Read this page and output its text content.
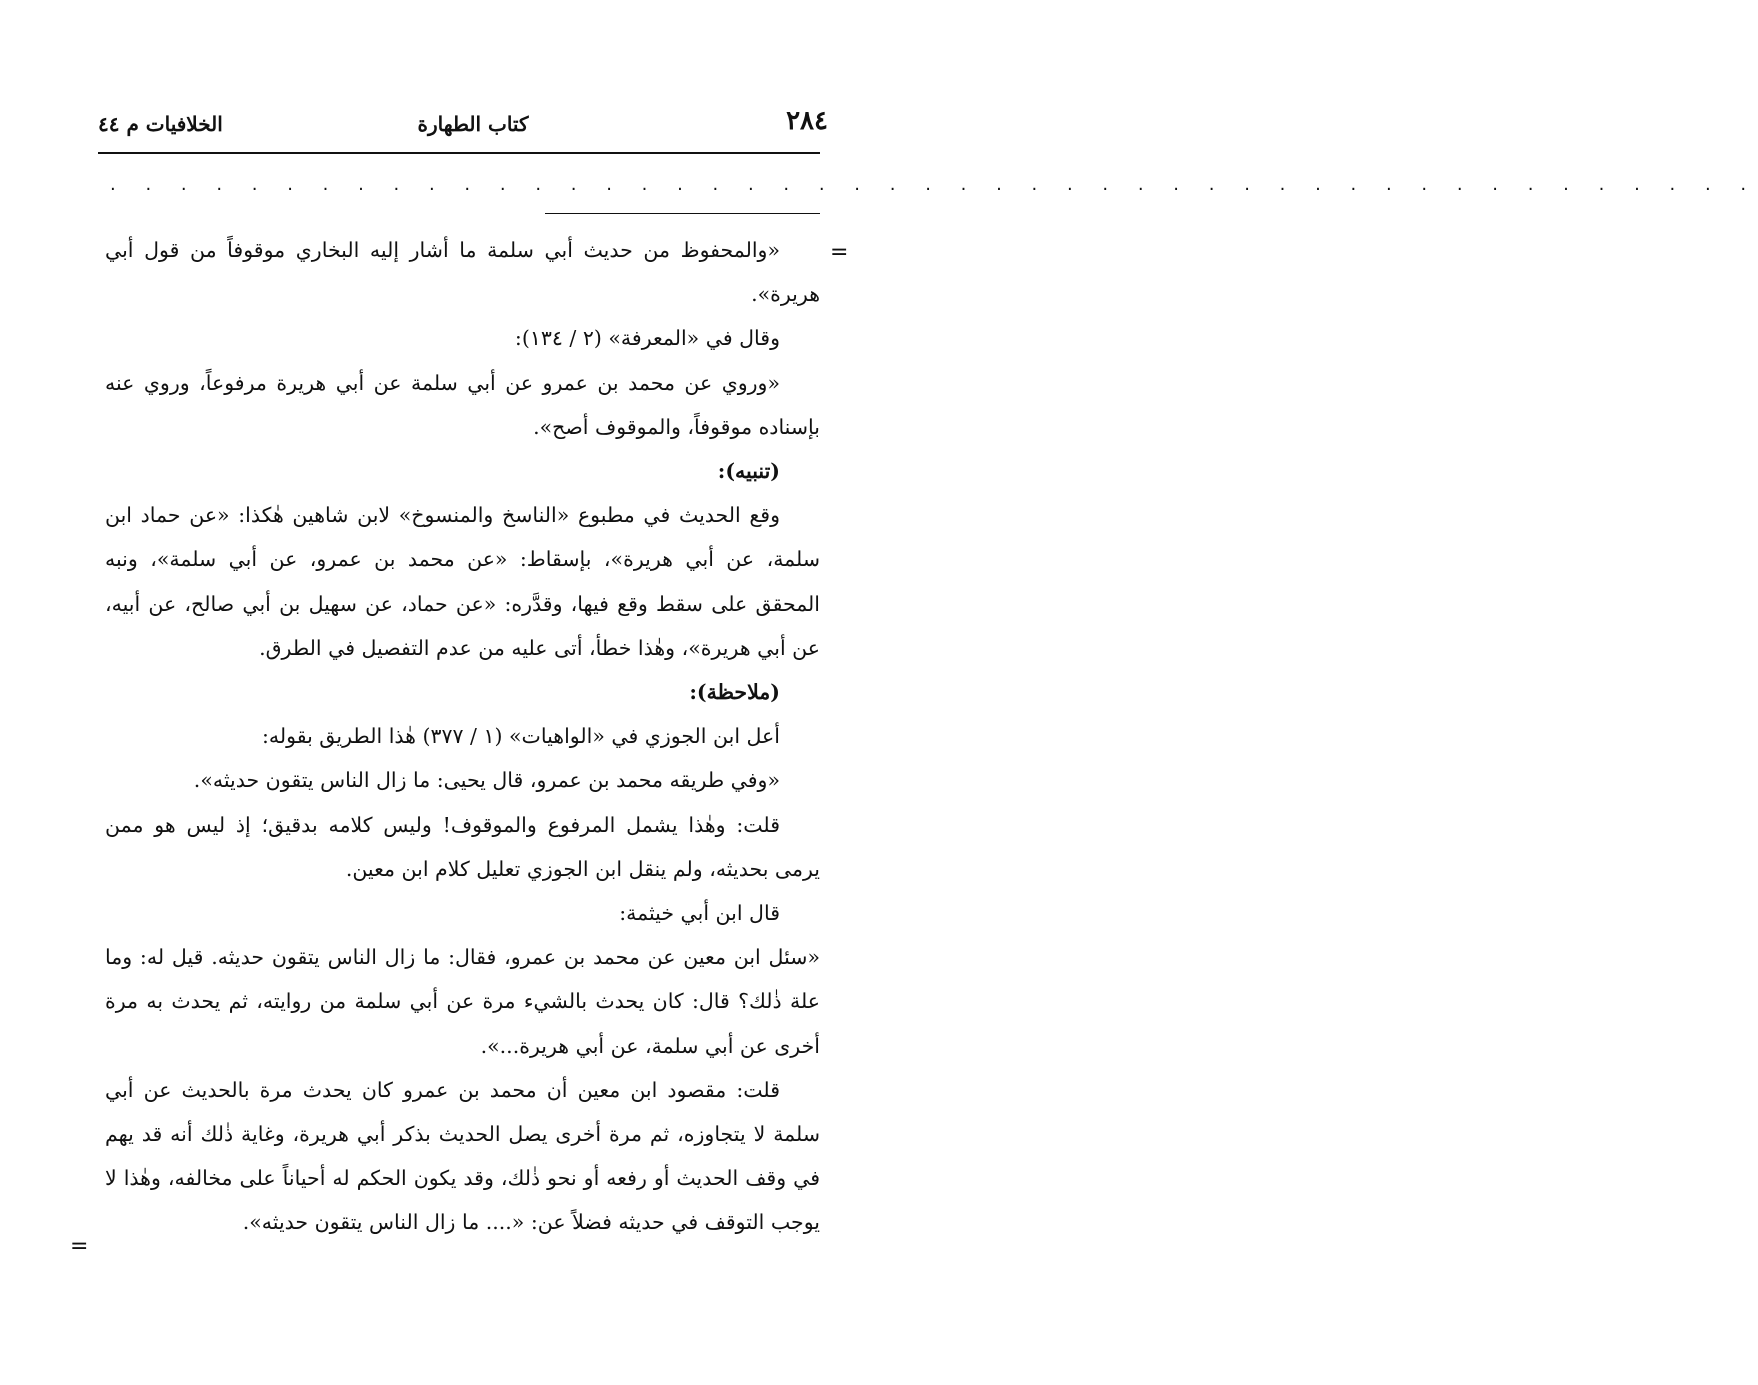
٢٨٤
كتاب الطهارة
الخلافيات م ٤٤
. . . . . . . . . . . . . . . . . . . . . . . . . . . . . . . . . . . . . . . . . . . . . . .
=
=

«والمحفوظ من حديث أبي سلمة ما أشار إليه البخاري موقوفاً من قول أبي هريرة».

وقال في «المعرفة» (٢ / ١٣٤):

«وروي عن محمد بن عمرو عن أبي سلمة عن أبي هريرة مرفوعاً، وروي عنه بإسناده موقوفاً، والموقوف أصح».

(تنبيه):

وقع الحديث في مطبوع «الناسخ والمنسوخ» لابن شاهين هٰكذا: «عن حماد ابن سلمة، عن أبي هريرة»، بإسقاط: «عن محمد بن عمرو، عن أبي سلمة»، ونبه المحقق على سقط وقع فيها، وقدَّره: «عن حماد، عن سهيل بن أبي صالح، عن أبيه، عن أبي هريرة»، وهٰذا خطأ، أتى عليه من عدم التفصيل في الطرق.

(ملاحظة):

أعل ابن الجوزي في «الواهيات» (١ / ٣٧٧) هٰذا الطريق بقوله:

«وفي طريقه محمد بن عمرو، قال يحيى: ما زال الناس يتقون حديثه».

قلت: وهٰذا يشمل المرفوع والموقوف! وليس كلامه بدقيق؛ إذ ليس هو ممن يرمى بحديثه، ولم ينقل ابن الجوزي تعليل كلام ابن معين.

قال ابن أبي خيثمة:

«سئل ابن معين عن محمد بن عمرو، فقال: ما زال الناس يتقون حديثه. قيل له: وما علة ذٰلك؟ قال: كان يحدث بالشيء مرة عن أبي سلمة من روايته، ثم يحدث به مرة أخرى عن أبي سلمة، عن أبي هريرة...».

قلت: مقصود ابن معين أن محمد بن عمرو كان يحدث مرة بالحديث عن أبي سلمة لا يتجاوزه، ثم مرة أخرى يصل الحديث بذكر أبي هريرة، وغاية ذٰلك أنه قد يهم في وقف الحديث أو رفعه أو نحو ذٰلك، وقد يكون الحكم له أحياناً على مخالفه، وهٰذا لا يوجب التوقف في حديثه فضلاً عن: «.... ما زال الناس يتقون حديثه».
